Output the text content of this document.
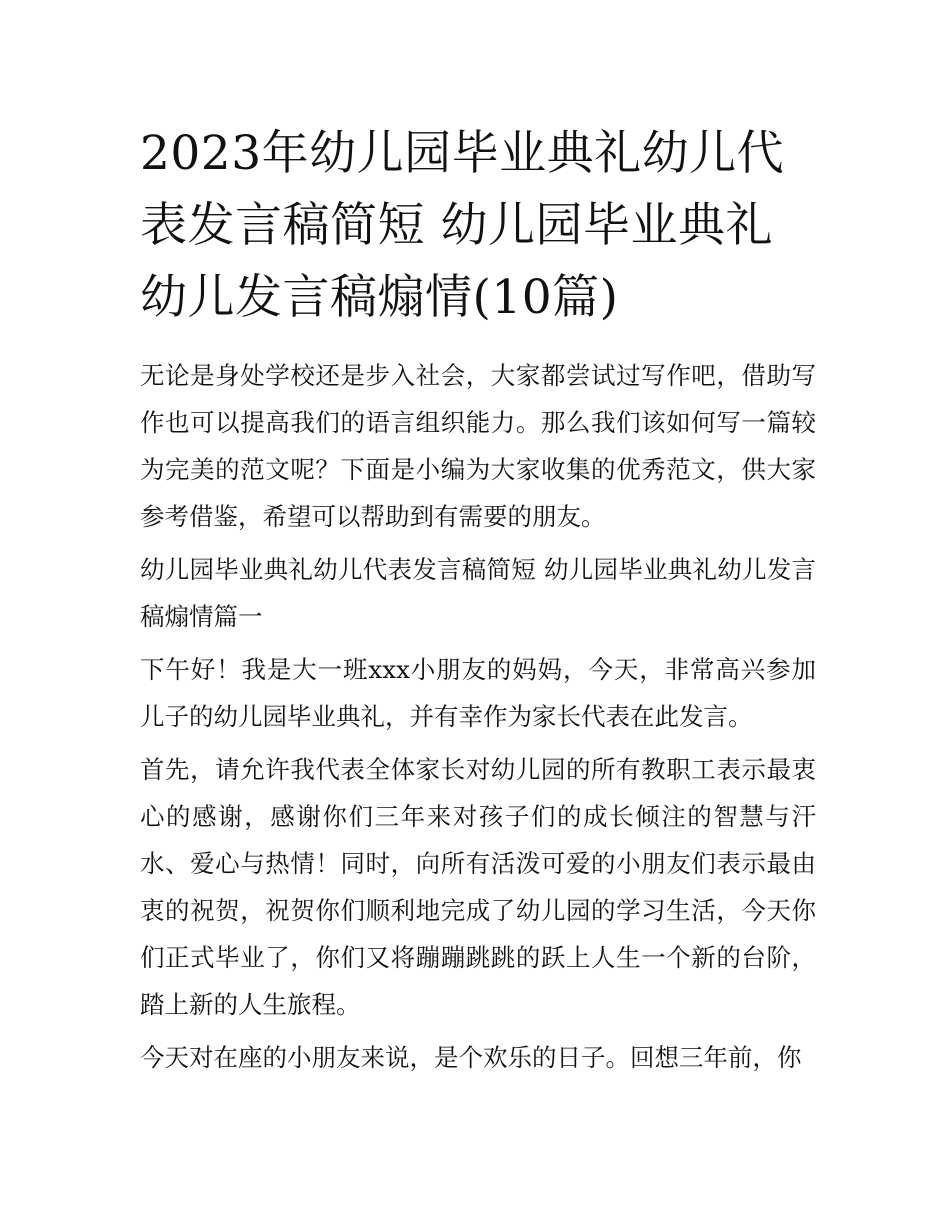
2023年幼儿园毕业典礼幼儿代表发言稿简短 幼儿园毕业典礼幼儿发言稿煽情(10篇)

无论是身处学校还是步入社会，大家都尝试过写作吧，借助写作也可以提高我们的语言组织能力。那么我们该如何写一篇较为完美的范文呢？下面是小编为大家收集的优秀范文，供大家参考借鉴，希望可以帮助到有需要的朋友。

幼儿园毕业典礼幼儿代表发言稿简短 幼儿园毕业典礼幼儿发言稿煽情篇一

下午好！我是大一班xxx小朋友的妈妈，今天，非常高兴参加儿子的幼儿园毕业典礼，并有幸作为家长代表在此发言。

首先，请允许我代表全体家长对幼儿园的所有教职工表示最衷心的感谢，感谢你们三年来对孩子们的成长倾注的智慧与汗水、爱心与热情！同时，向所有活泼可爱的小朋友们表示最由衷的祝贺，祝贺你们顺利地完成了幼儿园的学习生活，今天你们正式毕业了，你们又将蹦蹦跳跳的跃上人生一个新的台阶，踏上新的人生旅程。

今天对在座的小朋友来说，是个欢乐的日子。回想三年前，你
